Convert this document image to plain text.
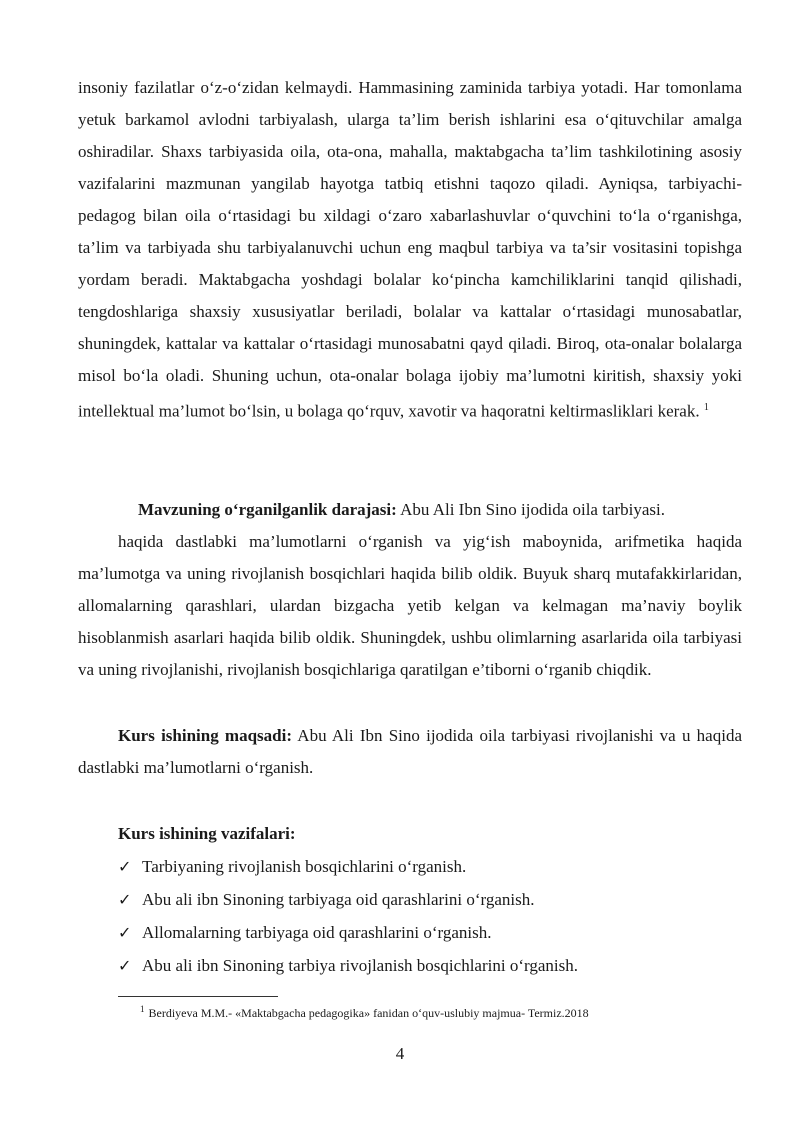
insoniy fazilatlar o‘z-o‘zidan kelmaydi. Hammasining zaminida tarbiya yotadi. Har tomonlama yetuk barkamol avlodni tarbiyalash, ularga ta’lim berish ishlarini esa o‘qituvchilar amalga oshiradilar. Shaxs tarbiyasida oila, ota-ona, mahalla, maktabgacha ta’lim tashkilotining asosiy vazifalarini mazmunan yangilab hayotga tatbiq etishni taqozo qiladi. Ayniqsa, tarbiyachi-pedagog bilan oila o‘rtasidagi bu xildagi o‘zaro xabarlashuvlar o‘quvchini to‘la o‘rganishga, ta’lim va tarbiyada shu tarbiyalanuvchi uchun eng maqbul tarbiya va ta’sir vositasini topishga yordam beradi. Maktabgacha yoshdagi bolalar ko‘pincha kamchiliklarini tanqid qilishadi, tengdoshlariga shaxsiy xususiyatlar beriladi, bolalar va kattalar o‘rtasidagi munosabatlar, shuningdek, kattalar va kattalar o‘rtasidagi munosabatni qayd qiladi. Biroq, ota-onalar bolalarga misol bo‘la oladi. Shuning uchun, ota-onalar bolaga ijobiy ma’lumotni kiritish, shaxsiy yoki intellektual ma’lumot bo‘lsin, u bolaga qo‘rquv, xavotir va haqoratni keltirmasliklari kerak. $^1$

Mavzuning o‘rganilganlik darajasi: Abu Ali Ibn Sino ijodida oila tarbiyasi.

haqida dastlabki ma’lumotlarni o‘rganish va yig‘ish maboynida, arifmetika haqida ma’lumotga va uning rivojlanish bosqichlari haqida bilib oldik. Buyuk sharq mutafakkirlaridan, allomalarning qarashlari, ulardan bizgacha yetib kelgan va kelmagan ma’naviy boylik hisoblanmish asarlari haqida bilib oldik. Shuningdek, ushbu olimlarning asarlarida oila tarbiyasi va uning rivojlanishi, rivojlanish bosqichlariga qaratilgan e’tiborni o‘rganib chiqdik.

Kurs ishining maqsadi: Abu Ali Ibn Sino ijodida oila tarbiyasi rivojlanishi va u haqida dastlabki ma’lumotlarni o‘rganish.

Kurs ishining vazifalari:

✓ Tarbiyaning rivojlanish bosqichlarini o‘rganish.
✓ Abu ali ibn Sinoning tarbiyaga oid qarashlarini o‘rganish.
✓ Allomalarning tarbiyaga oid qarashlarini o‘rganish.
✓ Abu ali ibn Sinoning tarbiya rivojlanish bosqichlarini o‘rganish.

$^1$ Berdiyeva M.M.- «Maktabgacha pedagogika» fanidan o‘quv-uslubiy majmua- Termiz.2018

4
